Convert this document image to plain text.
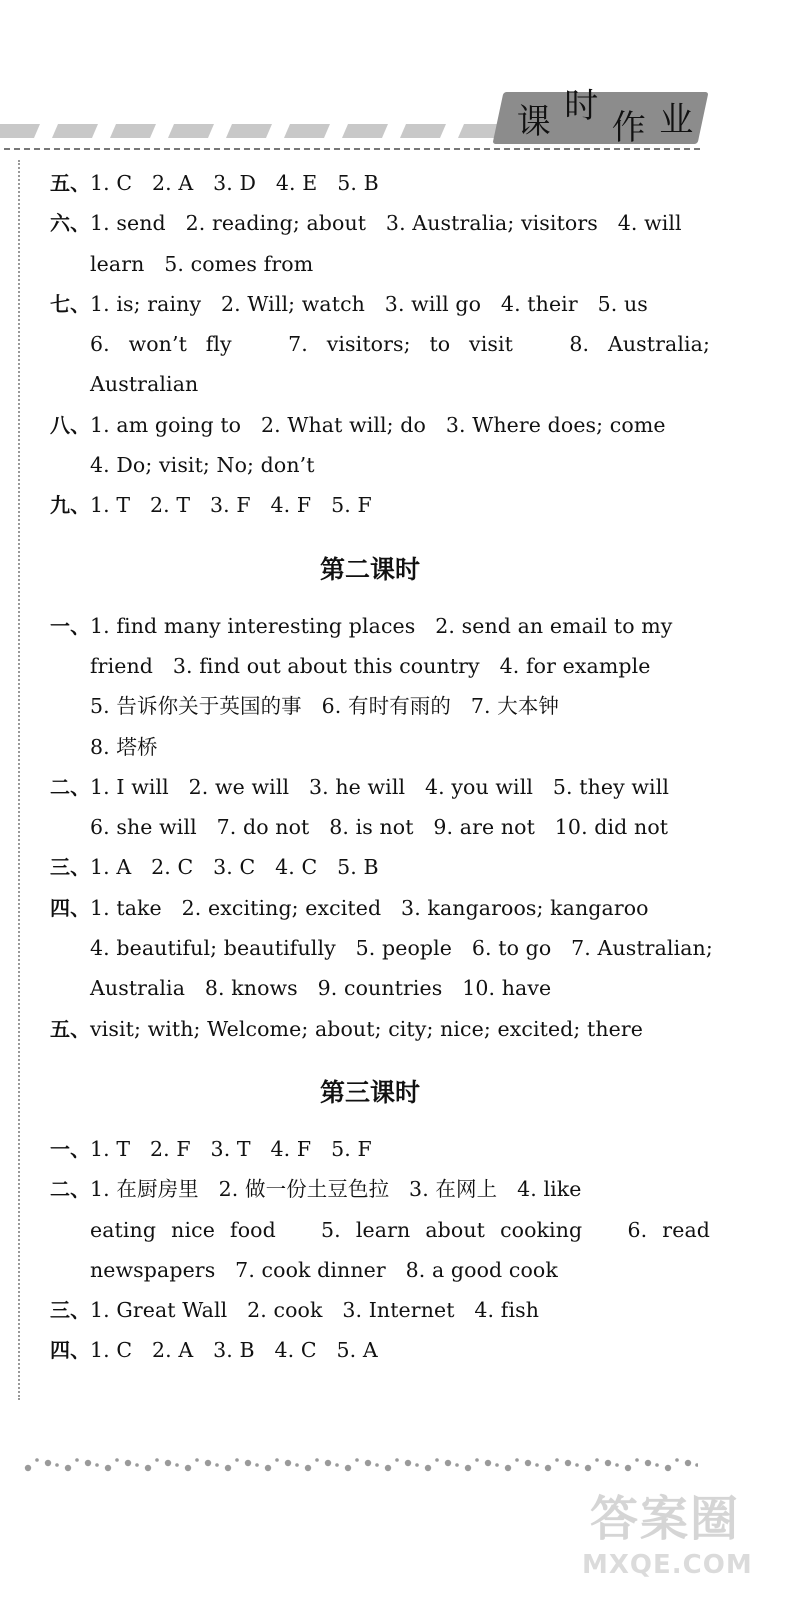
课 时
作 业
五、 1. C   2. A   3. D   4. E   5. B
六、 1. send   2. reading; about   3. Australia; visitors   4. will
learn   5. comes from
七、 1. is; rainy   2. Will; watch   3. will go   4. their   5. us
6. won’t fly   7. visitors; to visit   8. Australia;
Australian
八、 1. am going to   2. What will; do   3. Where does; come
4. Do; visit; No; don’t
九、 1. T   2. T   3. F   4. F   5. F
第二课时
一、 1. find many interesting places   2. send an email to my
friend   3. find out about this country   4. for example
5. 告诉你关于英国的事   6. 有时有雨的   7. 大本钟
8. 塔桥
二、 1. I will   2. we will   3. he will   4. you will   5. they will
6. she will   7. do not   8. is not   9. are not   10. did not
三、 1. A   2. C   3. C   4. C   5. B
四、 1. take   2. exciting; excited   3. kangaroos; kangaroo
4. beautiful; beautifully   5. people   6. to go   7. Australian;
Australia   8. knows   9. countries   10. have
五、 visit; with; Welcome; about; city; nice; excited; there
第三课时
一、 1. T   2. F   3. T   4. F   5. F
二、 1. 在厨房里   2. 做一份土豆色拉   3. 在网上   4. like
eating nice food   5. learn about cooking   6. read
newspapers   7. cook dinner   8. a good cook
三、 1. Great Wall   2. cook   3. Internet   4. fish
四、 1. C   2. A   3. B   4. C   5. A
答案圈
MXQE.COM
